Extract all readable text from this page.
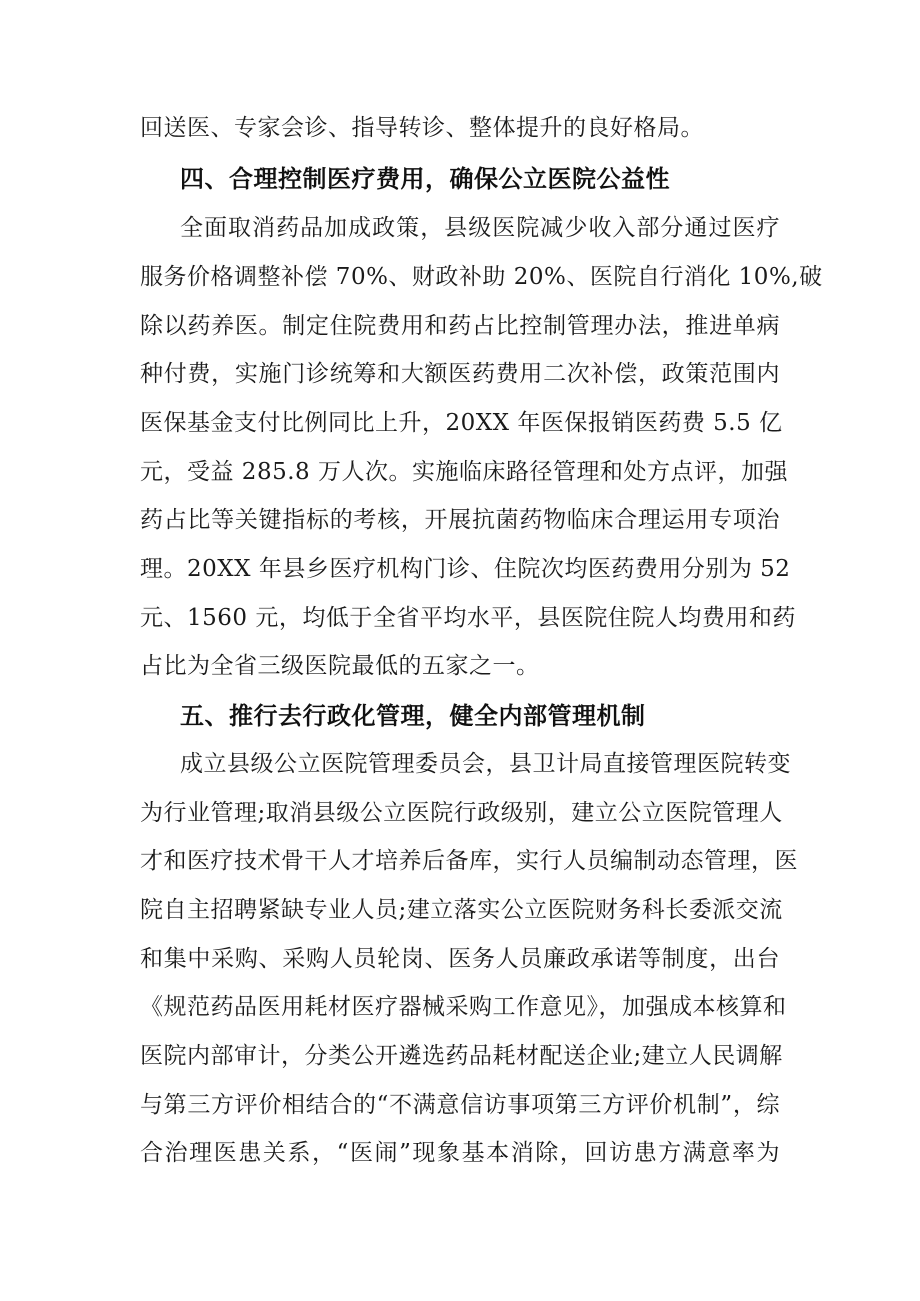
回送医、专家会诊、指导转诊、整体提升的良好格局。
四、合理控制医疗费用，确保公立医院公益性
全面取消药品加成政策，县级医院减少收入部分通过医疗
服务价格调整补偿 70%、财政补助 20%、医院自行消化 10%,破
除以药养医。制定住院费用和药占比控制管理办法，推进单病
种付费，实施门诊统筹和大额医药费用二次补偿，政策范围内
医保基金支付比例同比上升，20XX 年医保报销医药费 5.5 亿
元，受益 285.8 万人次。实施临床路径管理和处方点评，加强
药占比等关键指标的考核，开展抗菌药物临床合理运用专项治
理。20XX 年县乡医疗机构门诊、住院次均医药费用分别为 52
元、1560 元，均低于全省平均水平，县医院住院人均费用和药
占比为全省三级医院最低的五家之一。
五、推行去行政化管理，健全内部管理机制
成立县级公立医院管理委员会，县卫计局直接管理医院转变
为行业管理;取消县级公立医院行政级别，建立公立医院管理人
才和医疗技术骨干人才培养后备库，实行人员编制动态管理，医
院自主招聘紧缺专业人员;建立落实公立医院财务科长委派交流
和集中采购、采购人员轮岗、医务人员廉政承诺等制度，出台
《规范药品医用耗材医疗器械采购工作意见》，加强成本核算和
医院内部审计，分类公开遴选药品耗材配送企业;建立人民调解
与第三方评价相结合的“不满意信访事项第三方评价机制”，综
合治理医患关系，“医闹”现象基本消除，回访患方满意率为
